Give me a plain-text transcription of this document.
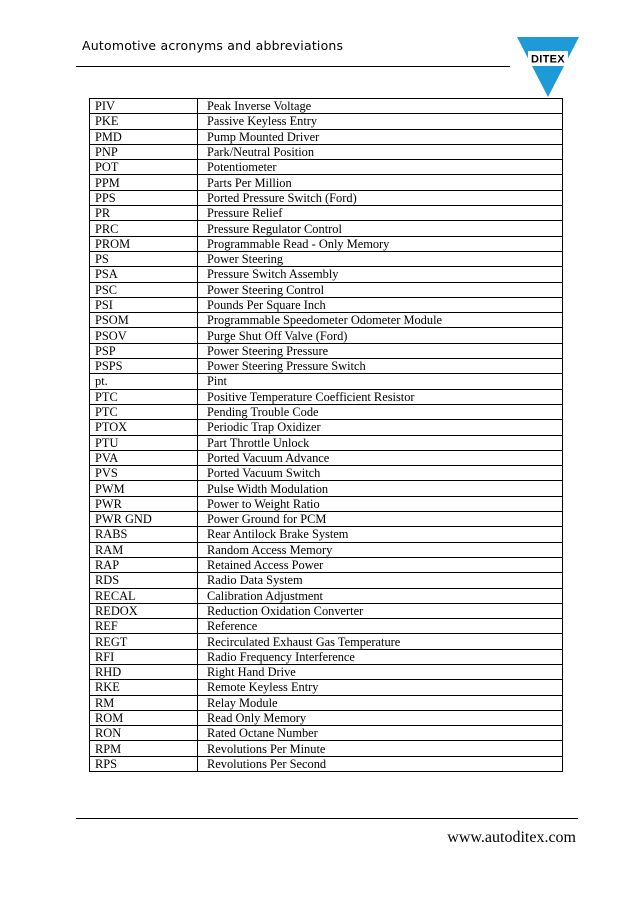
Automotive acronyms and abbreviations
DITEX
PIV	Peak Inverse Voltage
PKE	Passive Keyless Entry
PMD	Pump Mounted Driver
PNP	Park/Neutral Position
POT	Potentiometer
PPM	Parts Per Million
PPS	Ported Pressure Switch (Ford)
PR	Pressure Relief
PRC	Pressure Regulator Control
PROM	Programmable Read - Only Memory
PS	Power Steering
PSA	Pressure Switch Assembly
PSC	Power Steering Control
PSI	Pounds Per Square Inch
PSOM	Programmable Speedometer Odometer Module
PSOV	Purge Shut Off Valve (Ford)
PSP	Power Steering Pressure
PSPS	Power Steering Pressure Switch
pt.	Pint
PTC	Positive Temperature Coefficient Resistor
PTC	Pending Trouble Code
PTOX	Periodic Trap Oxidizer
PTU	Part Throttle Unlock
PVA	Ported Vacuum Advance
PVS	Ported Vacuum Switch
PWM	Pulse Width Modulation
PWR	Power to Weight Ratio
PWR GND	Power Ground for PCM
RABS	Rear Antilock Brake System
RAM	Random Access Memory
RAP	Retained Access Power
RDS	Radio Data System
RECAL	Calibration Adjustment
REDOX	Reduction Oxidation Converter
REF	Reference
REGT	Recirculated Exhaust Gas Temperature
RFI	Radio Frequency Interference
RHD	Right Hand Drive
RKE	Remote Keyless Entry
RM	Relay Module
ROM	Read Only Memory
RON	Rated Octane Number
RPM	Revolutions Per Minute
RPS	Revolutions Per Second
www.autoditex.com
